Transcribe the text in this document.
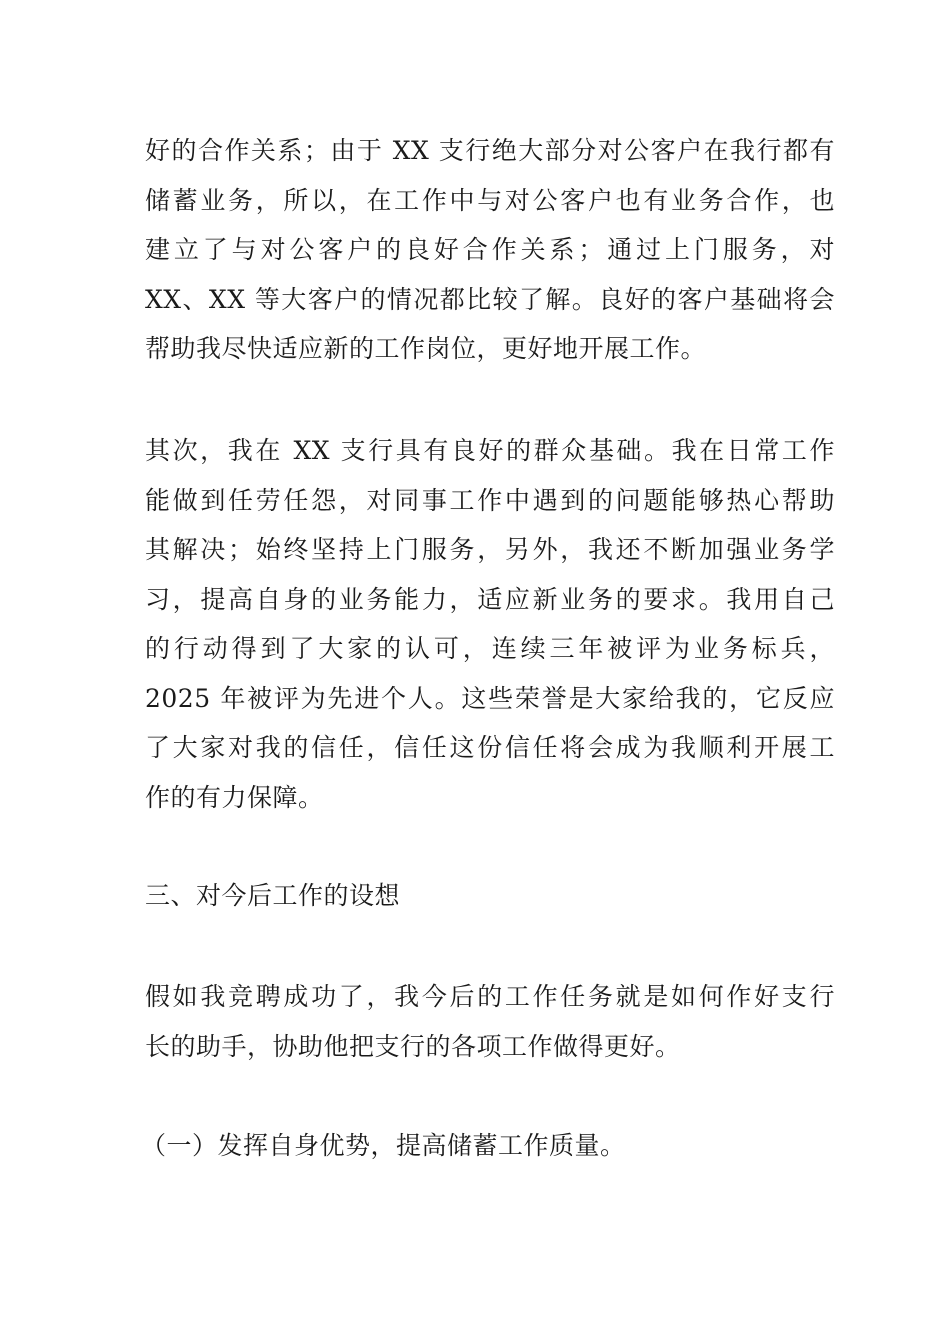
好的合作关系；由于 XX 支行绝大部分对公客户在我行都有
储蓄业务，所以，在工作中与对公客户也有业务合作，也
建立了与对公客户的良好合作关系；通过上门服务，对
XX、XX 等大客户的情况都比较了解。良好的客户基础将会
帮助我尽快适应新的工作岗位，更好地开展工作。
其次，我在 XX 支行具有良好的群众基础。我在日常工作
能做到任劳任怨，对同事工作中遇到的问题能够热心帮助
其解决；始终坚持上门服务，另外，我还不断加强业务学
习，提高自身的业务能力，适应新业务的要求。我用自己
的行动得到了大家的认可，连续三年被评为业务标兵，
2025 年被评为先进个人。这些荣誉是大家给我的，它反应
了大家对我的信任，信任这份信任将会成为我顺利开展工
作的有力保障。
三、对今后工作的设想
假如我竞聘成功了，我今后的工作任务就是如何作好支行
长的助手，协助他把支行的各项工作做得更好。
（一）发挥自身优势，提高储蓄工作质量。
